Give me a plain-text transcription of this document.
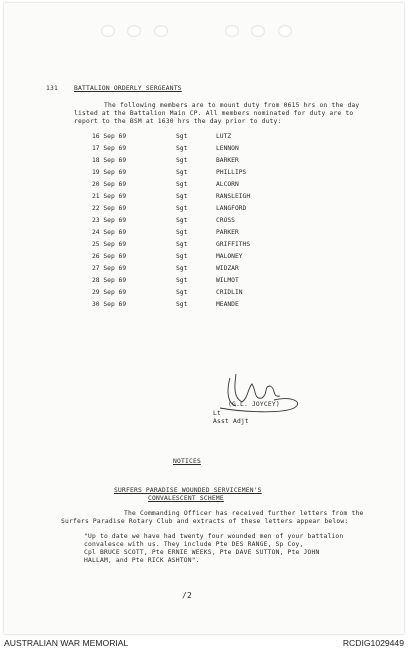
131	BATTALION ORDERLY SERGEANTS
The following members are to mount duty from 0615 hrs on the day
listed at the Battalion Main CP. All members nominated for duty are to
report to the BSM at 1630 hrs the day prior to duty:
16 Sep 69	Sgt	LUTZ
17 Sep 69	Sgt	LENNON
18 Sep 69	Sgt	BARKER
19 Sep 69	Sgt	PHILLIPS
20 Sep 69	Sgt	ALCORN
21 Sep 69	Sgt	RANSLEIGH
22 Sep 69	Sgt	LANGFORD
23 Sep 69	Sgt	CROSS
24 Sep 69	Sgt	PARKER
25 Sep 69	Sgt	GRIFFITHS
26 Sep 69	Sgt	MALONEY
27 Sep 69	Sgt	WIDZAR
28 Sep 69	Sgt	WILMOT
29 Sep 69	Sgt	CRIDLIN
30 Sep 69	Sgt	MEANDE
(G.L. JOYCEY)
Lt
Asst Adjt
NOTICES
SURFERS PARADISE WOUNDED SERVICEMEN'S
CONVALESCENT SCHEME
The Commanding Officer has received further letters from the
Surfers Paradise Rotary Club and extracts of these letters appear below:
"Up to date we have had twenty four wounded men of your battalion
convalesce with us. They include Pte DES RANGE, Sp Coy,
Cpl BRUCE SCOTT, Pte ERNIE WEEKS, Pte DAVE SUTTON, Pte JOHN
HALLAM, and Pte RICK ASHTON".
/2
AUSTRALIAN WAR MEMORIAL	RCDIG1029449
